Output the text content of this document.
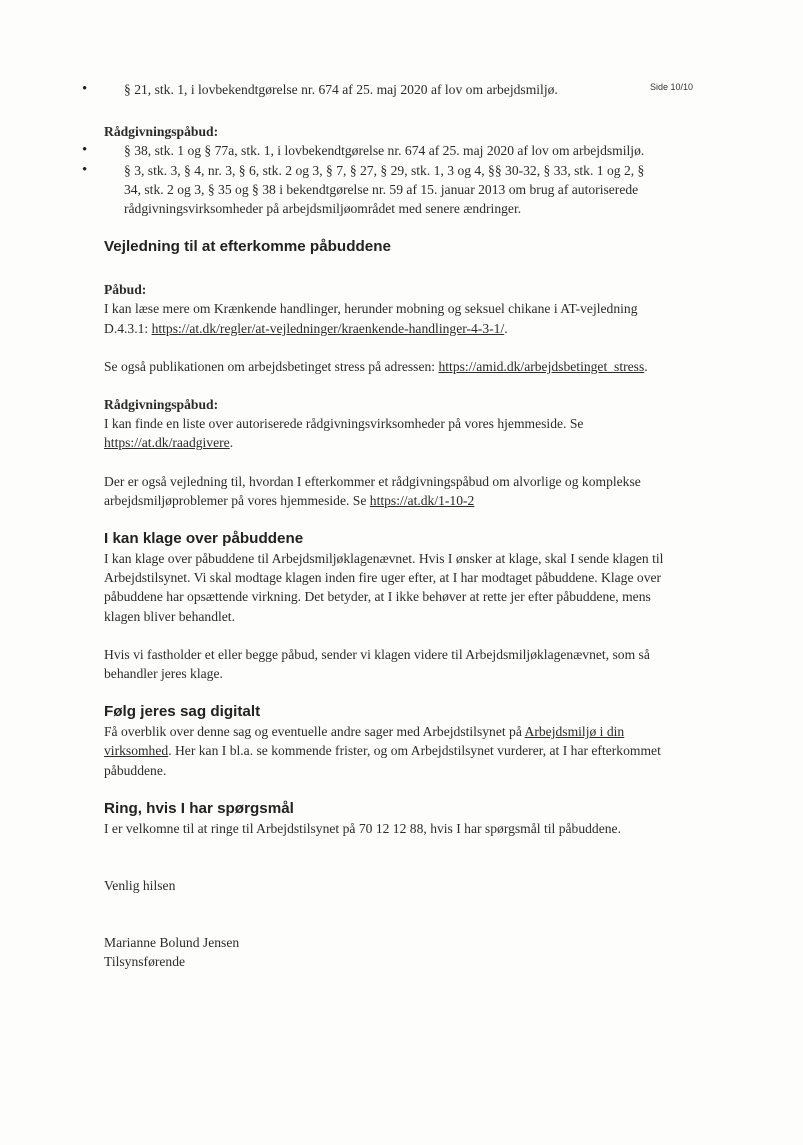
Side 10/10
• § 21, stk. 1, i lovbekendtgørelse nr. 674 af 25. maj 2020 af lov om arbejdsmiljø.

Rådgivningspåbud:

• § 38, stk. 1 og § 77a, stk. 1, i lovbekendtgørelse nr. 674 af 25. maj 2020 af lov om arbejdsmiljø.
• § 3, stk. 3, § 4, nr. 3, § 6, stk. 2 og 3, § 7, § 27, § 29, stk. 1, 3 og 4, §§ 30-32, § 33, stk. 1 og 2, § 34, stk. 2 og 3, § 35 og § 38 i bekendtgørelse nr. 59 af 15. januar 2013 om brug af autoriserede rådgivningsvirksomheder på arbejdsmiljøområdet med senere ændringer.

Vejledning til at efterkomme påbuddene

Påbud:

I kan læse mere om Krænkende handlinger, herunder mobning og seksuel chikane i AT-vejledning D.4.3.1: https://at.dk/regler/at-vejledninger/kraenkende-handlinger-4-3-1/.

Se også publikationen om arbejdsbetinget stress på adressen: https://amid.dk/arbejdsbetinget_stress.

Rådgivningspåbud:

I kan finde en liste over autoriserede rådgivningsvirksomheder på vores hjemmeside. Se https://at.dk/raadgivere.

Der er også vejledning til, hvordan I efterkommer et rådgivningspåbud om alvorlige og komplekse arbejdsmiljøproblemer på vores hjemmeside. Se https://at.dk/1-10-2

I kan klage over påbuddene

I kan klage over påbuddene til Arbejdsmiljøklagenævnet. Hvis I ønsker at klage, skal I sende klagen til Arbejdstilsynet. Vi skal modtage klagen inden fire uger efter, at I har modtaget påbuddene. Klage over påbuddene har opsættende virkning. Det betyder, at I ikke behøver at rette jer efter påbuddene, mens klagen bliver behandlet.

Hvis vi fastholder et eller begge påbud, sender vi klagen videre til Arbejdsmiljøklagenævnet, som så behandler jeres klage.

Følg jeres sag digitalt

Få overblik over denne sag og eventuelle andre sager med Arbejdstilsynet på Arbejdsmiljø i din virksomhed. Her kan I bl.a. se kommende frister, og om Arbejdstilsynet vurderer, at I har efterkommet påbuddene.

Ring, hvis I har spørgsmål

I er velkomne til at ringe til Arbejdstilsynet på 70 12 12 88, hvis I har spørgsmål til påbuddene.

Venlig hilsen

Marianne Bolund Jensen

Tilsynsførende
